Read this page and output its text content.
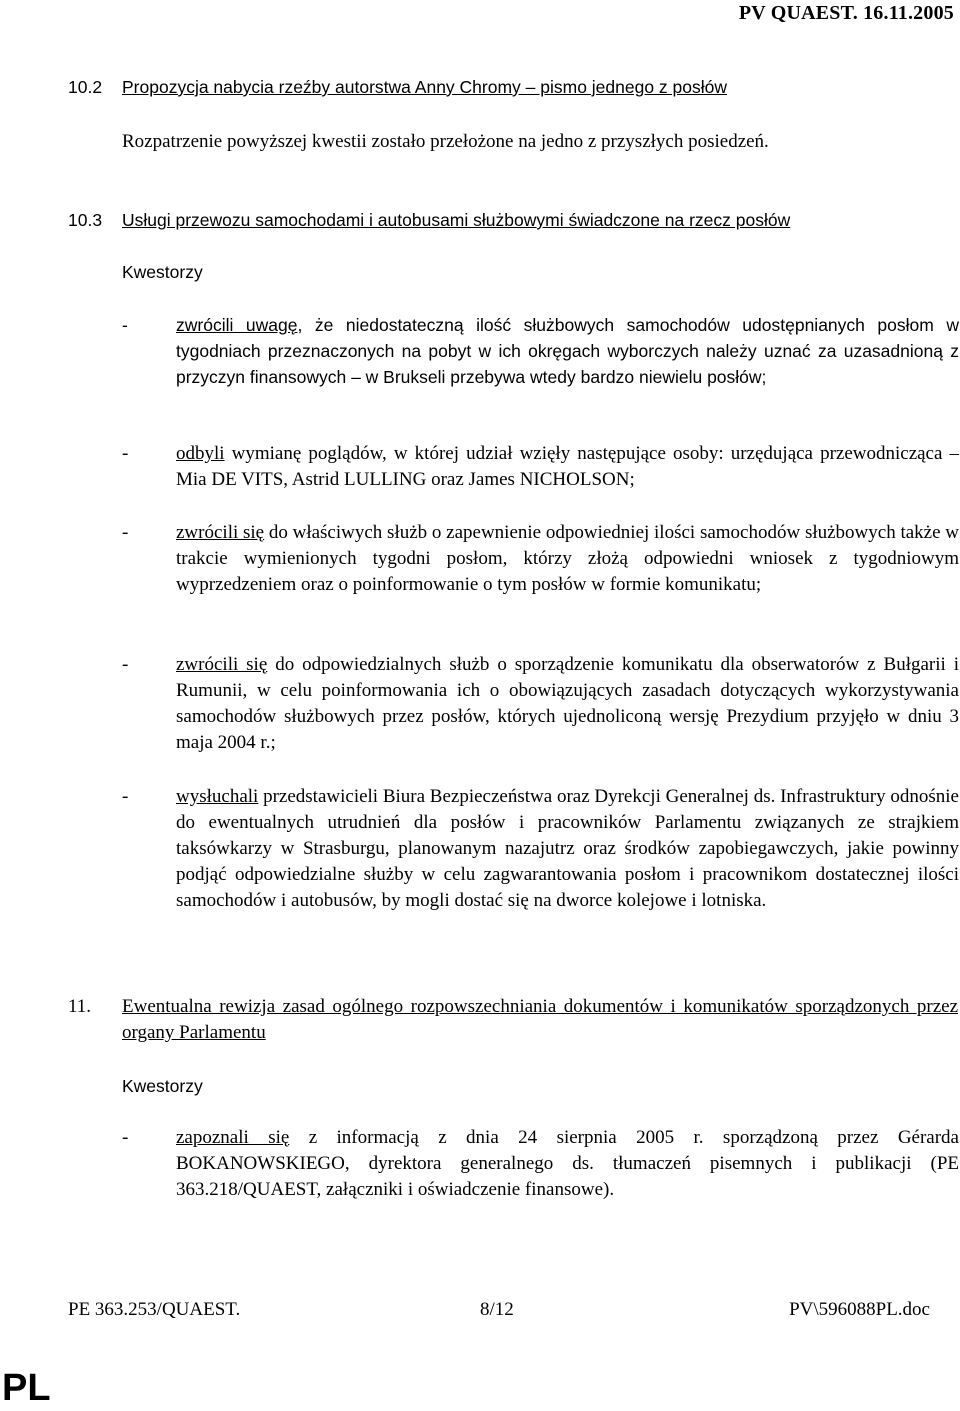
PV QUAEST. 16.11.2005
10.2 Propozycja nabycia rzeźby autorstwa Anny Chromy – pismo jednego z posłów
Rozpatrzenie powyższej kwestii zostało przełożone na jedno z przyszłych posiedzeń.
10.3 Usługi przewozu samochodami i autobusami służbowymi świadczone na rzecz posłów
Kwestorzy
-	zwrócili uwagę, że niedostateczną ilość służbowych samochodów udostępnianych posłom w tygodniach przeznaczonych na pobyt w ich okręgach wyborczych należy uznać za uzasadnioną z przyczyn finansowych – w Brukseli przebywa wtedy bardzo niewielu posłów;
-	odbyli wymianę poglądów, w której udział wzięły następujące osoby: urzędująca przewodnicząca – Mia DE VITS, Astrid LULLING oraz James NICHOLSON;
-	zwrócili się do właściwych służb o zapewnienie odpowiedniej ilości samochodów służbowych także w trakcie wymienionych tygodni posłom, którzy złożą odpowiedni wniosek z tygodniowym wyprzedzeniem oraz o poinformowanie o tym posłów w formie komunikatu;
-	zwrócili się do odpowiedzialnych służb o sporządzenie komunikatu dla obserwatorów z Bułgarii i Rumunii, w celu poinformowania ich o obowiązujących zasadach dotyczących wykorzystywania samochodów służbowych przez posłów, których ujednoliconą wersję Prezydium przyjęło w dniu 3 maja 2004 r.;
-	wysłuchali przedstawicieli Biura Bezpieczeństwa oraz Dyrekcji Generalnej ds. Infrastruktury odnośnie do ewentualnych utrudnień dla posłów i pracowników Parlamentu związanych ze strajkiem taksówkarzy w Strasburgu, planowanym nazajutrz oraz środków zapobiegawczych, jakie powinny podjąć odpowiedzialne służby w celu zagwarantowania posłom i pracownikom dostatecznej ilości samochodów i autobusów, by mogli dostać się na dworce kolejowe i lotniska.
11. Ewentualna rewizja zasad ogólnego rozpowszechniania dokumentów i komunikatów sporządzonych przez organy Parlamentu
Kwestorzy
-	zapoznali się z informacją z dnia 24 sierpnia 2005 r. sporządzoną przez Gérarda BOKANOWSKIEGO, dyrektora generalnego ds. tłumaczeń pisemnych i publikacji (PE 363.218/QUAEST, załączniki i oświadczenie finansowe).
PE 363.253/QUAEST.	8/12	PV\596088PL.doc
PL
